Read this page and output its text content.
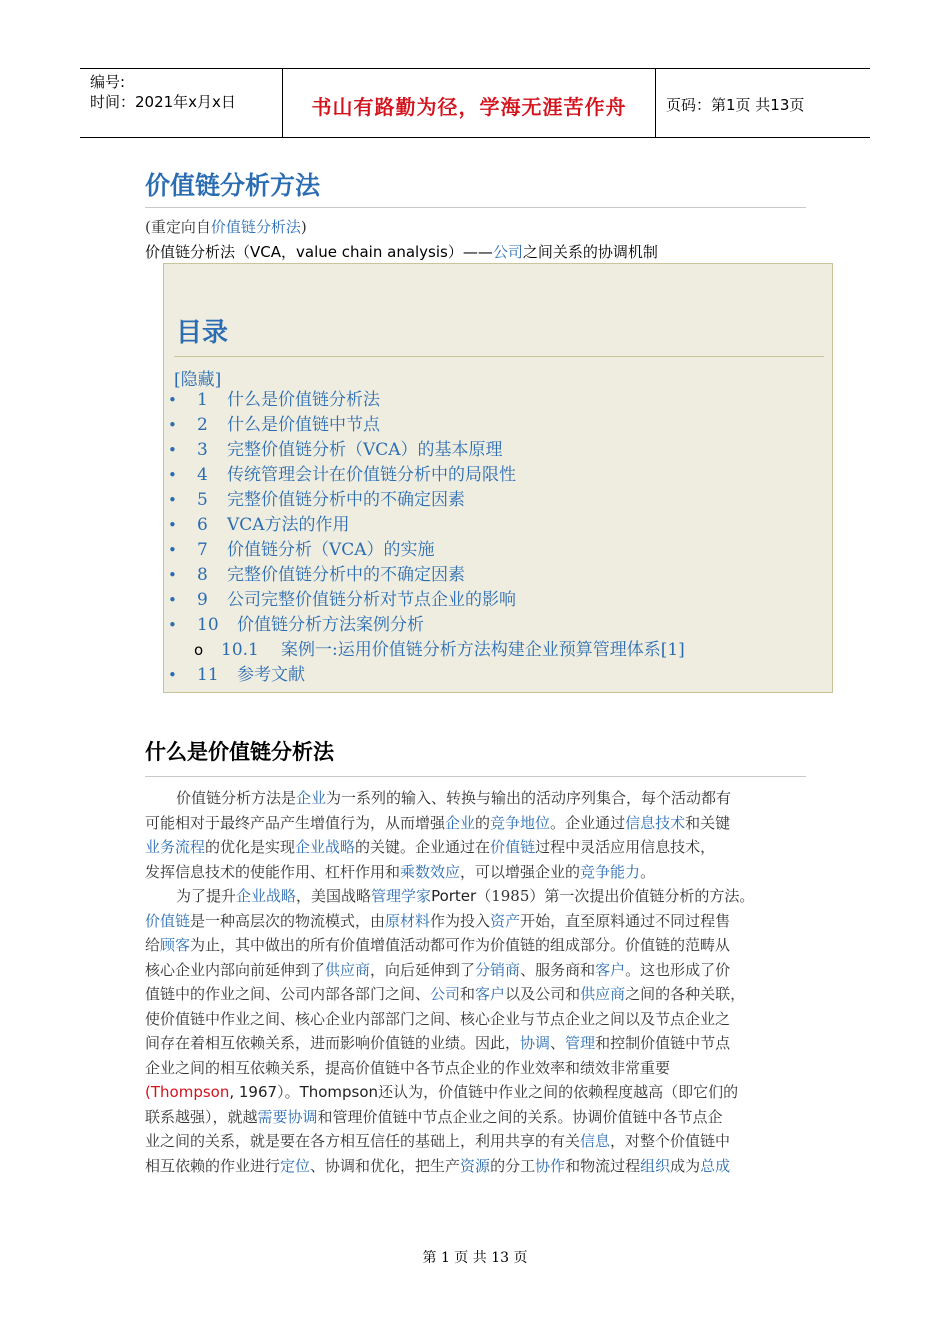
编号:
时间：2021年x月x日	书山有路勤为径，学海无涯苦作舟	页码：第1页 共13页
价值链分析方法
(重定向自价值链分析法)
价值链分析法（VCA，value chain analysis）——公司之间关系的协调机制
目录
[隐藏]
• 1 什么是价值链分析法
• 2 什么是价值链中节点
• 3 完整价值链分析（VCA）的基本原理
• 4 传统管理会计在价值链分析中的局限性
• 5 完整价值链分析中的不确定因素
• 6 VCA方法的作用
• 7 价值链分析（VCA）的实施
• 8 完整价值链分析中的不确定因素
• 9 公司完整价值链分析对节点企业的影响
• 10 价值链分析方法案例分析
o 10.1 案例一:运用价值链分析方法构建企业预算管理体系[1]
• 11 参考文献
什么是价值链分析法
价值链分析方法是企业为一系列的输入、转换与输出的活动序列集合，每个活动都有
可能相对于最终产品产生增值行为，从而增强企业的竞争地位。企业通过信息技术和关键
业务流程的优化是实现企业战略的关键。企业通过在价值链过程中灵活应用信息技术，
发挥信息技术的使能作用、杠杆作用和乘数效应，可以增强企业的竞争能力。
为了提升企业战略，美国战略管理学家Porter（1985）第一次提出价值链分析的方法。
价值链是一种高层次的物流模式，由原材料作为投入资产开始，直至原料通过不同过程售
给顾客为止，其中做出的所有价值增值活动都可作为价值链的组成部分。价值链的范畴从
核心企业内部向前延伸到了供应商，向后延伸到了分销商、服务商和客户。这也形成了价
值链中的作业之间、公司内部各部门之间、公司和客户以及公司和供应商之间的各种关联，
使价值链中作业之间、核心企业内部部门之间、核心企业与节点企业之间以及节点企业之
间存在着相互依赖关系，进而影响价值链的业绩。因此，协调、管理和控制价值链中节点
企业之间的相互依赖关系，提高价值链中各节点企业的作业效率和绩效非常重要
(Thompson, 1967）。Thompson还认为，价值链中作业之间的依赖程度越高（即它们的
联系越强），就越需要协调和管理价值链中节点企业之间的关系。协调价值链中各节点企
业之间的关系，就是要在各方相互信任的基础上，利用共享的有关信息，对整个价值链中
相互依赖的作业进行定位、协调和优化，把生产资源的分工协作和物流过程组织成为总成
第 1 页 共 13 页
